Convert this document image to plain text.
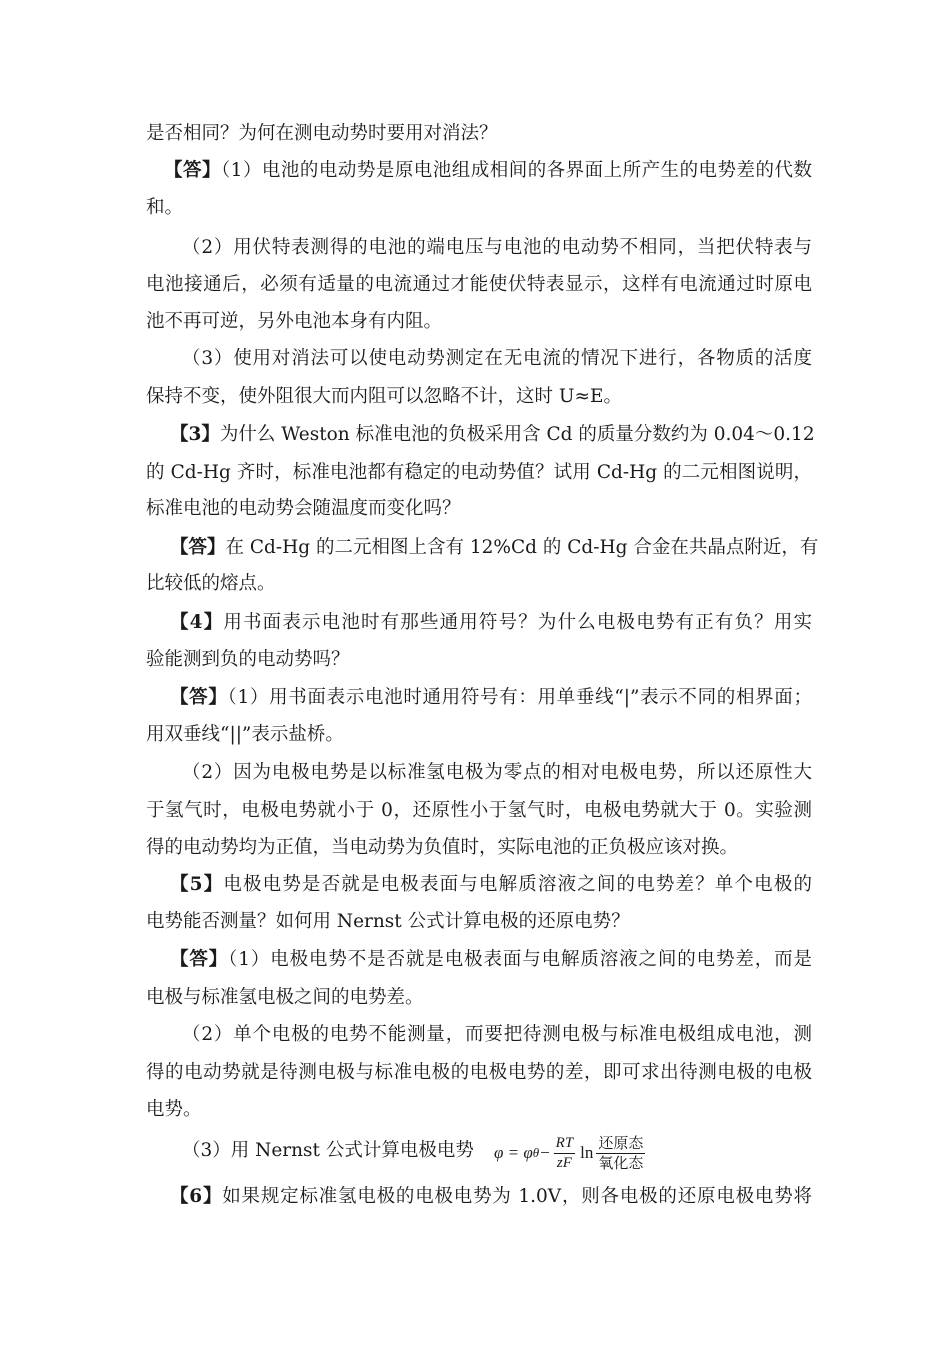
是否相同？为何在测电动势时要用对消法？
【答】（1）电池的电动势是原电池组成相间的各界面上所产生的电势差的代数
和。
（2）用伏特表测得的电池的端电压与电池的电动势不相同，当把伏特表与
电池接通后，必须有适量的电流通过才能使伏特表显示，这样有电流通过时原电
池不再可逆，另外电池本身有内阻。
（3）使用对消法可以使电动势测定在无电流的情况下进行，各物质的活度
保持不变，使外阻很大而内阻可以忽略不计，这时 U≈E。
【3】为什么 Weston 标准电池的负极采用含 Cd 的质量分数约为 0.04～0.12
的 Cd-Hg 齐时，标准电池都有稳定的电动势值？试用 Cd-Hg 的二元相图说明，
标准电池的电动势会随温度而变化吗？
【答】在 Cd-Hg 的二元相图上含有 12%Cd 的 Cd-Hg 合金在共晶点附近，有
比较低的熔点。
【4】用书面表示电池时有那些通用符号？为什么电极电势有正有负？用实
验能测到负的电动势吗？
【答】（1）用书面表示电池时通用符号有：用单垂线“|”表示不同的相界面；
用双垂线“||”表示盐桥。
（2）因为电极电势是以标准氢电极为零点的相对电极电势，所以还原性大
于氢气时，电极电势就小于 0，还原性小于氢气时，电极电势就大于 0。实验测
得的电动势均为正值，当电动势为负值时，实际电池的正负极应该对换。
【5】电极电势是否就是电极表面与电解质溶液之间的电势差？单个电极的
电势能否测量？如何用 Nernst 公式计算电极的还原电势？
【答】（1）电极电势不是否就是电极表面与电解质溶液之间的电势差，而是
电极与标准氢电极之间的电势差。
（2）单个电极的电势不能测量，而要把待测电极与标准电极组成电池，测
得的电动势就是待测电极与标准电极的电极电势的差，即可求出待测电极的电极
电势。
（3）用 Nernst 公式计算电极电势	φ = φ $\theta - \frac{RT}{zF}$ $\ln \frac{\text{还原态}}{\text{氧化态}}$
【6】如果规定标准氢电极的电极电势为 1.0V，则各电极的还原电极电势将
